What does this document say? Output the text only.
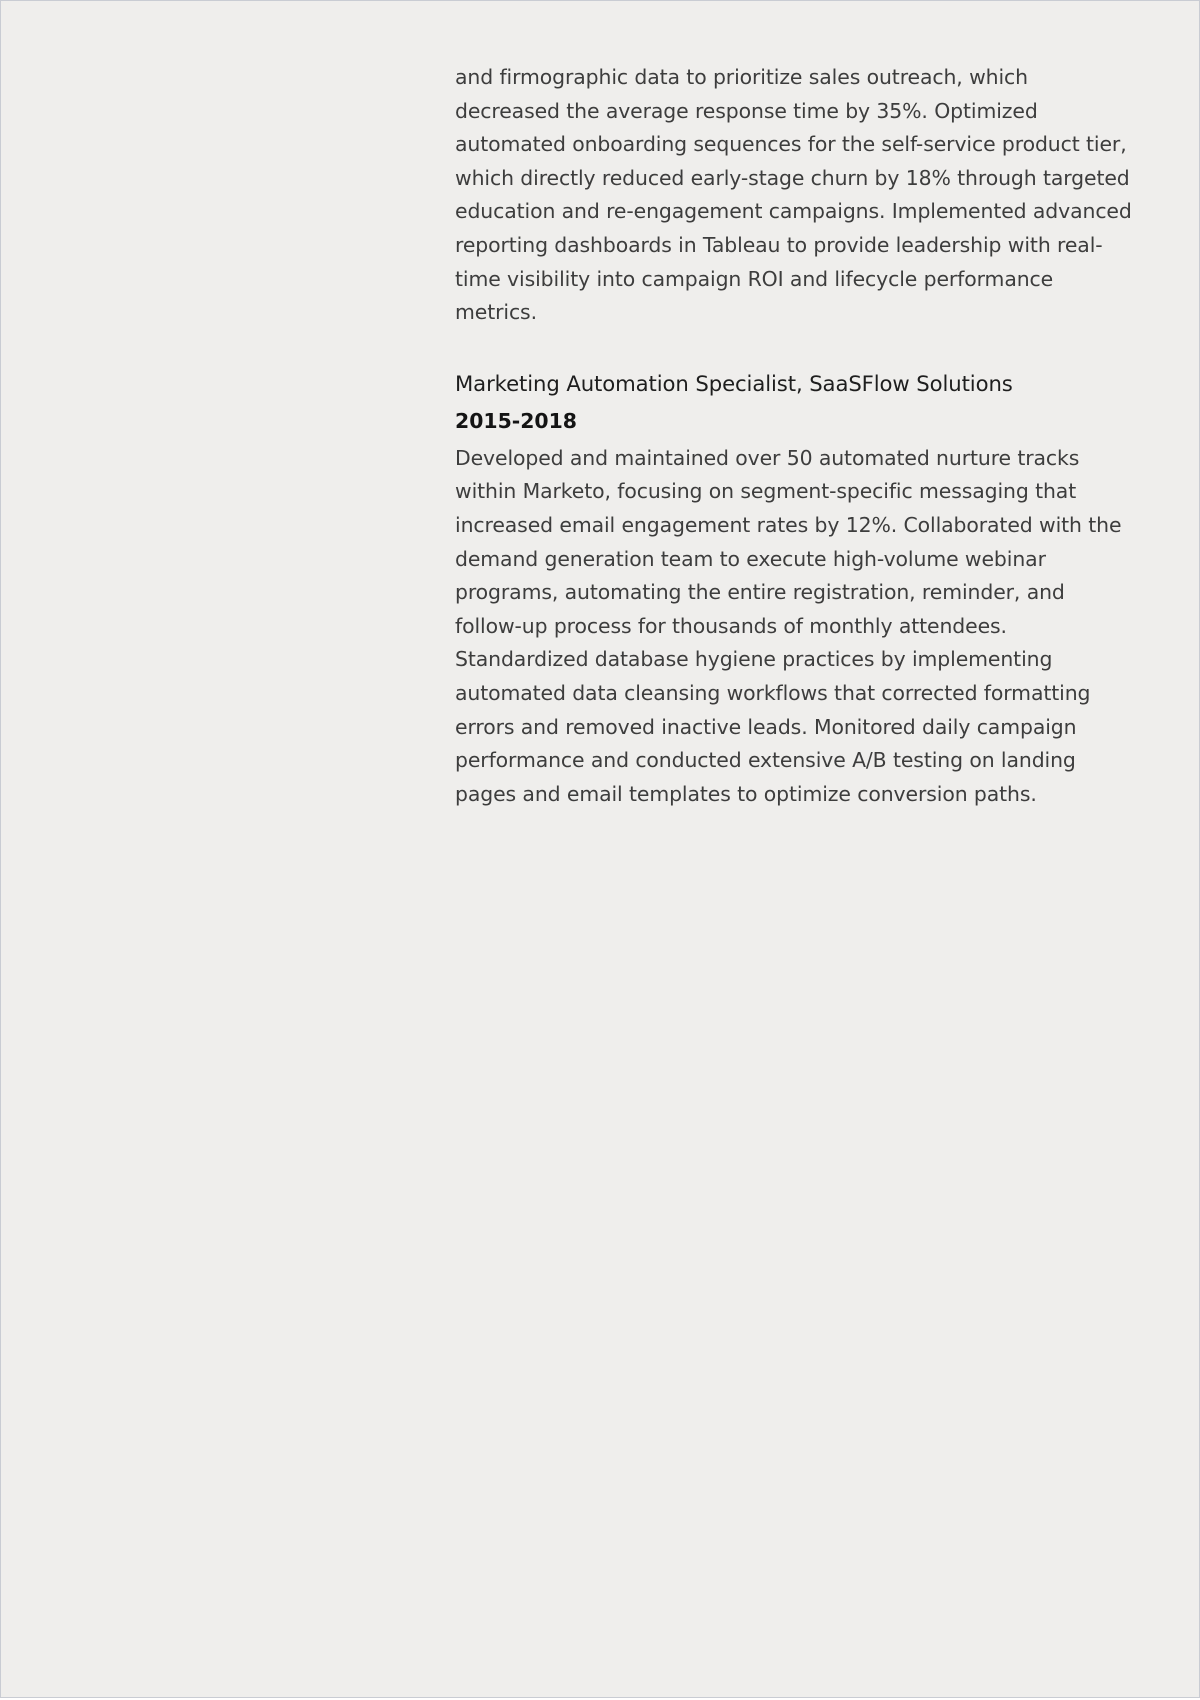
and firmographic data to prioritize sales outreach, which decreased the average response time by 35%. Optimized automated onboarding sequences for the self-service product tier, which directly reduced early-stage churn by 18% through targeted education and re-engagement campaigns. Implemented advanced reporting dashboards in Tableau to provide leadership with real-time visibility into campaign ROI and lifecycle performance metrics.

Marketing Automation Specialist, SaaSFlow Solutions
2015-2018

Developed and maintained over 50 automated nurture tracks within Marketo, focusing on segment-specific messaging that increased email engagement rates by 12%. Collaborated with the demand generation team to execute high-volume webinar programs, automating the entire registration, reminder, and follow-up process for thousands of monthly attendees. Standardized database hygiene practices by implementing automated data cleansing workflows that corrected formatting errors and removed inactive leads. Monitored daily campaign performance and conducted extensive A/B testing on landing pages and email templates to optimize conversion paths.
